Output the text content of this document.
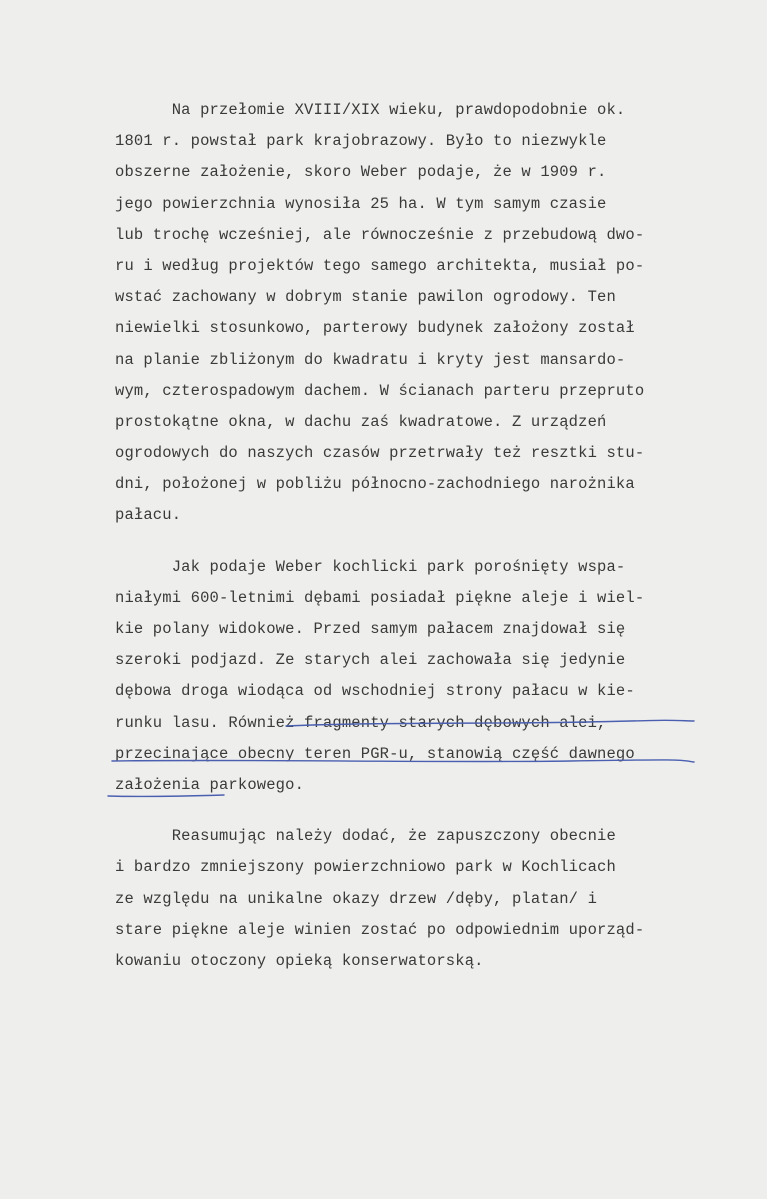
Na przełomie XVIII/XIX wieku, prawdopodobnie ok.
1801 r. powstał park krajobrazowy. Było to niezwykle
obszerne założenie, skoro Weber podaje, że w 1909 r.
jego powierzchnia wynosiła 25 ha. W tym samym czasie
lub trochę wcześniej, ale równocześnie z przebudową dwo-
ru i według projektów tego samego architekta, musiał po-
wstać zachowany w dobrym stanie pawilon ogrodowy. Ten
niewielki stosunkowo, parterowy budynek założony został
na planie zbliżonym do kwadratu i kryty jest mansardo-
wym, czterospadowym dachem. W ścianach parteru przepruto
prostokątne okna, w dachu zaś kwadratowe. Z urządzeń
ogrodowych do naszych czasów przetrwały też resztki stu-
dni, położonej w pobliżu północno-zachodniego narożnika
pałacu.
Jak podaje Weber kochlicki park porośnięty wspa-
niałymi 600-letnimi dębami posiadał piękne aleje i wiel-
kie polany widokowe. Przed samym pałacem znajdował się
szeroki podjazd. Ze starych alei zachowała się jedynie
dębowa droga wiodąca od wschodniej strony pałacu w kie-
runku lasu. Również fragmenty starych dębowych alei,
przecinające obecny teren PGR-u, stanowią część dawnego
założenia parkowego.
Reasumując należy dodać, że zapuszczony obecnie
i bardzo zmniejszony powierzchniowo park w Kochlicach
ze względu na unikalne okazy drzew /dęby, platan/ i
stare piękne aleje winien zostać po odpowiednim uporząd-
kowaniu otoczony opieką konserwatorską.
